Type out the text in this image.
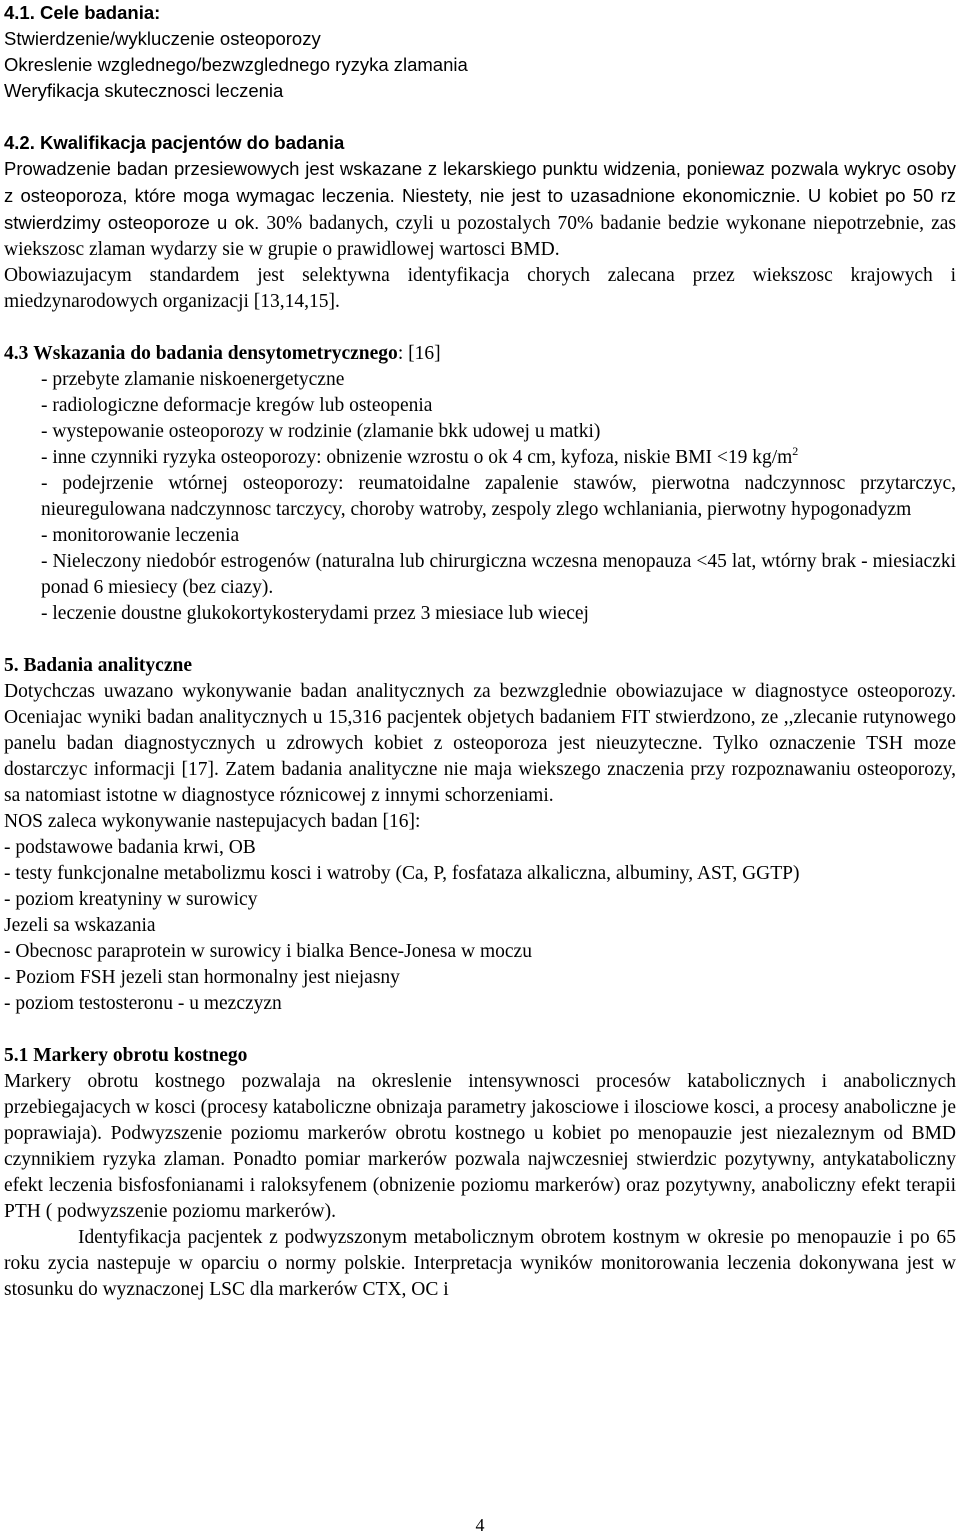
4.1. Cele badania:

Stwierdzenie/wykluczenie osteoporozy

Okreslenie wzglednego/bezwzglednego ryzyka zlamania

Weryfikacja skutecznosci leczenia

4.2. Kwalifikacja pacjentów do badania

Prowadzenie badan przesiewowych jest wskazane z lekarskiego punktu widzenia, poniewaz pozwala wykryc osoby z osteoporoza, które moga wymagac leczenia. Niestety, nie jest to uzasadnione ekonomicznie. U kobiet po 50 rz stwierdzimy osteoporoze u ok. 30% badanych, czyli u pozostalych 70% badanie bedzie wykonane niepotrzebnie, zas wiekszosc zlaman wydarzy sie w grupie o prawidlowej wartosci BMD.

Obowiazujacym standardem jest selektywna identyfikacja chorych zalecana przez wiekszosc krajowych i miedzynarodowych organizacji [13,14,15].

4.3 Wskazania do badania densytometrycznego: [16]

- przebyte zlamanie niskoenergetyczne

- radiologiczne deformacje kregów lub osteopenia

- wystepowanie osteoporozy w rodzinie (zlamanie bkk udowej u matki)

- inne czynniki ryzyka osteoporozy: obnizenie wzrostu o ok 4 cm, kyfoza, niskie BMI <19 $kg/m^2$

- podejrzenie wtórnej osteoporozy: reumatoidalne zapalenie stawów, pierwotna nadczynnosc przytarczyc, nieuregulowana nadczynnosc tarczycy, choroby watroby, zespoly zlego wchlaniania, pierwotny hypogonadyzm

- monitorowanie leczenia

- Nieleczony niedobór estrogenów (naturalna lub chirurgiczna wczesna menopauza <45 lat, wtórny brak - miesiaczki ponad 6 miesiecy (bez ciazy).

- leczenie doustne glukokortykosterydami przez 3 miesiace lub wiecej

5. Badania analityczne

Dotychczas uwazano wykonywanie badan analitycznych za bezwzglednie obowiazujace w diagnostyce osteoporozy. Oceniajac wyniki badan analitycznych u 15,316 pacjentek objetych badaniem FIT stwierdzono, ze ,,zlecanie rutynowego panelu badan diagnostycznych u zdrowych kobiet z osteoporoza jest nieuzyteczne. Tylko oznaczenie TSH moze dostarczyc informacji [17]. Zatem badania analityczne nie maja wiekszego znaczenia przy rozpoznawaniu osteoporozy, sa natomiast istotne w diagnostyce róznicowej z innymi schorzeniami.

NOS zaleca wykonywanie nastepujacych badan [16]:

- podstawowe badania krwi, OB

- testy funkcjonalne metabolizmu kosci i watroby (Ca, P, fosfataza alkaliczna, albuminy, AST, GGTP)

- poziom kreatyniny w surowicy

Jezeli sa wskazania

- Obecnosc paraprotein w surowicy i bialka Bence-Jonesa w moczu

- Poziom FSH jezeli stan hormonalny jest niejasny

- poziom testosteronu - u mezczyzn

5.1 Markery obrotu kostnego

Markery obrotu kostnego pozwalaja na okreslenie intensywnosci procesów katabolicznych i anabolicznych przebiegajacych w kosci (procesy kataboliczne obnizaja parametry jakosciowe i ilosciowe kosci, a procesy anaboliczne je poprawiaja). Podwyzszenie poziomu markerów obrotu kostnego u kobiet po menopauzie jest niezaleznym od BMD czynnikiem ryzyka zlaman. Ponadto pomiar markerów pozwala najwczesniej stwierdzic pozytywny, antykataboliczny efekt leczenia bisfosfonianami i raloksyfenem (obnizenie poziomu markerów) oraz pozytywny, anaboliczny efekt terapii PTH ( podwyzszenie poziomu markerów).

Identyfikacja pacjentek z podwyzszonym metabolicznym obrotem kostnym w okresie po menopauzie i po 65 roku zycia nastepuje w oparciu o normy polskie. Interpretacja wyników monitorowania leczenia dokonywana jest w stosunku do wyznaczonej LSC dla markerów CTX, OC i

4
